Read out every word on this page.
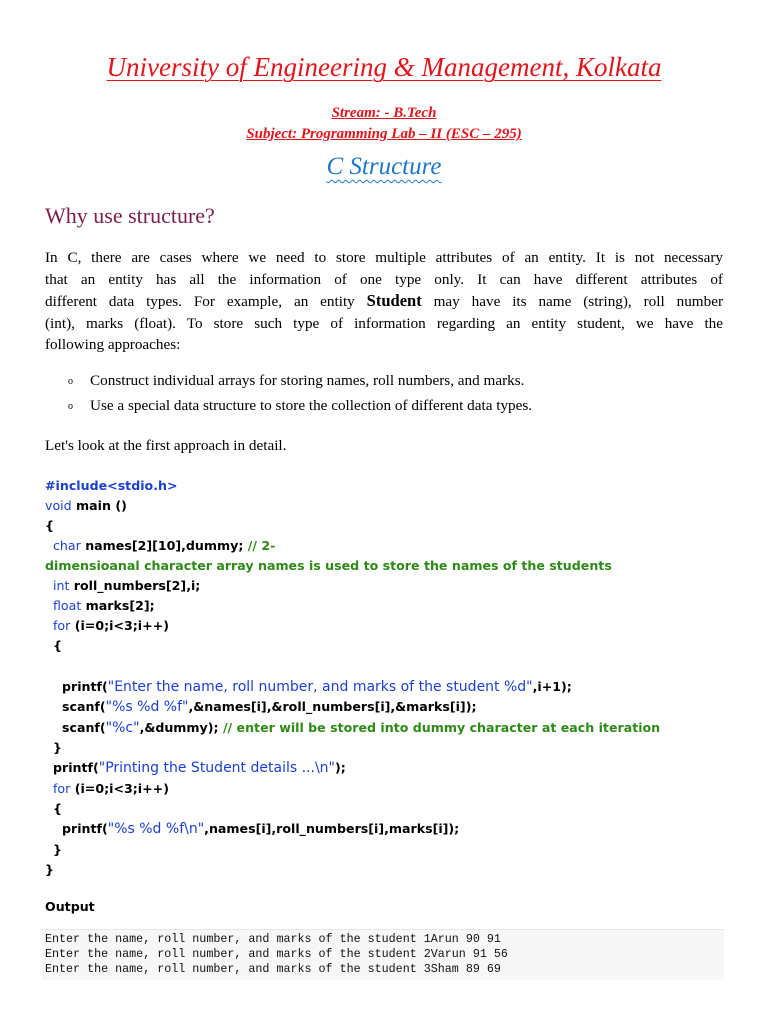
University of Engineering & Management, Kolkata
Stream: - B.Tech
Subject: Programming Lab – II (ESC – 295)
C Structure
Why use structure?
In C, there are cases where we need to store multiple attributes of an entity. It is not necessary
that an entity has all the information of one type only. It can have different attributes of
different data types. For example, an entity Student may have its name (string), roll number
(int), marks (float). To store such type of information regarding an entity student, we have the
following approaches:
o Construct individual arrays for storing names, roll numbers, and marks.
o Use a special data structure to store the collection of different data types.
Let's look at the first approach in detail.
#include<stdio.h>
void main ()
{
char names[2][10],dummy; // 2-
dimensioanal character array names is used to store the names of the students
int roll_numbers[2],i;
float marks[2];
for (i=0;i<3;i++)
{
printf("Enter the name, roll number, and marks of the student %d",i+1);
scanf("%s %d %f",&names[i],&roll_numbers[i],&marks[i]);
scanf("%c",&dummy); // enter will be stored into dummy character at each iteration
}
printf("Printing the Student details ...\n");
for (i=0;i<3;i++)
{
printf("%s %d %f\n",names[i],roll_numbers[i],marks[i]);
}
}
Output
Enter the name, roll number, and marks of the student 1Arun 90 91
Enter the name, roll number, and marks of the student 2Varun 91 56
Enter the name, roll number, and marks of the student 3Sham 89 69
